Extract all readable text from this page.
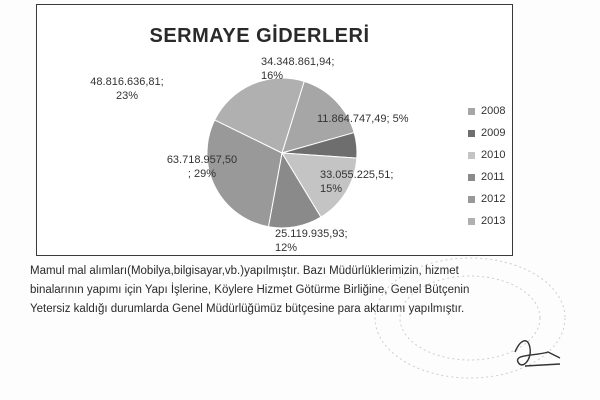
SERMAYE GİDERLERİ
34.348.861,94; 16%
11.864.747,49; 5%
33.055.225,51; 15%
25.119.935,93; 12%
63.718.957,50 ; 29%
48.816.636,81; 23%
2008
2009
2010
2011
2012
2013

Mamul mal alımları(Mobilya,bilgisayar,vb.)yapılmıştır. Bazı Müdürlüklerimizin, hizmet
binalarının yapımı için Yapı İşlerine, Köylere Hizmet Götürme Birliğine, Genel Bütçenin
Yetersiz kaldığı durumlarda Genel Müdürlüğümüz bütçesine para aktarımı yapılmıştır.
